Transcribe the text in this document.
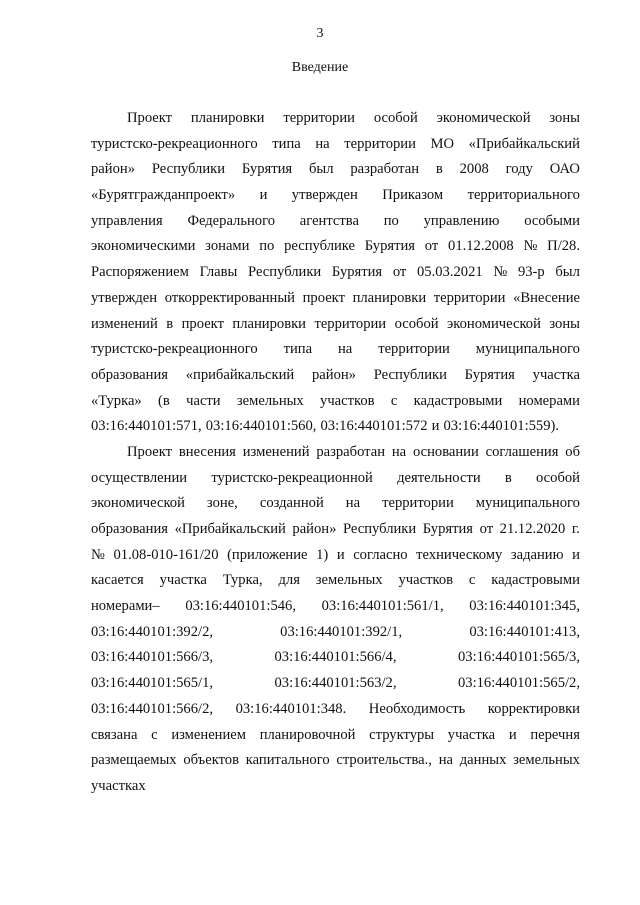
3
Введение
Проект планировки территории особой экономической зоны
туристско-рекреационного типа на территории МО «Прибайкальский
район» Республики Бурятия был разработан в 2008 году ОАО
«Бурятгражданпроект» и утвержден Приказом территориального
управления Федерального агентства по управлению особыми
экономическими зонами по республике Бурятия от 01.12.2008 № П/28.
Распоряжением Главы Республики Бурятия от 05.03.2021 № 93-р был
утвержден откорректированный проект планировки территории «Внесение
изменений в проект планировки территории особой экономической зоны
туристско-рекреационного типа на территории муниципального
образования «прибайкальский район» Республики Бурятия участка
«Турка» (в части земельных участков с кадастровыми номерами
03:16:440101:571, 03:16:440101:560, 03:16:440101:572 и 03:16:440101:559).
Проект внесения изменений разработан на основании соглашения об
осуществлении туристско-рекреационной деятельности в особой
экономической зоне, созданной на территории муниципального
образования «Прибайкальский район» Республики Бурятия от 21.12.2020 г.
№ 01.08-010-161/20 (приложение 1) и согласно техническому заданию и
касается участка Турка, для земельных участков с кадастровыми
номерами– 03:16:440101:546, 03:16:440101:561/1, 03:16:440101:345,
03:16:440101:392/2,	03:16:440101:392/1,	03:16:440101:413,
03:16:440101:566/3,	03:16:440101:566/4,	03:16:440101:565/3,
03:16:440101:565/1,	03:16:440101:563/2,	03:16:440101:565/2,
03:16:440101:566/2, 03:16:440101:348. Необходимость корректировки
связана с изменением планировочной структуры участка и перечня
размещаемых объектов капитального строительства., на данных земельных
участках
